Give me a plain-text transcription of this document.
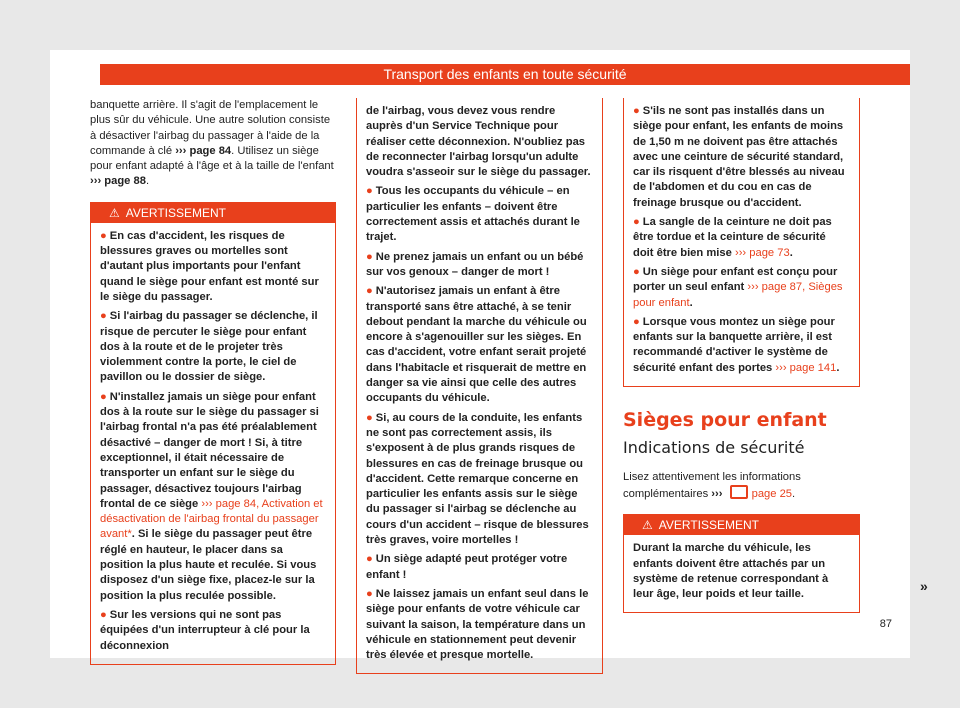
Transport des enfants en toute sécurité

banquette arrière. Il s'agit de l'emplacement le plus sûr du véhicule. Une autre solution consiste à désactiver l'airbag du passager à l'aide de la commande à clé ››› page 84. Utilisez un siège pour enfant adapté à l'âge et à la taille de l'enfant ››› page 88.

⚠ AVERTISSEMENT

● En cas d'accident, les risques de blessures graves ou mortelles sont d'autant plus importants pour l'enfant quand le siège pour enfant est monté sur le siège du passager.

● Si l'airbag du passager se déclenche, il risque de percuter le siège pour enfant dos à la route et de le projeter très violemment contre la porte, le ciel de pavillon ou le dossier de siège.

● N'installez jamais un siège pour enfant dos à la route sur le siège du passager si l'airbag frontal n'a pas été préalablement désactivé – danger de mort ! Si, à titre exceptionnel, il était nécessaire de transporter un enfant sur le siège du passager, désactivez toujours l'airbag frontal de ce siège ››› page 84, Activation et désactivation de l'airbag frontal du passager avant*. Si le siège du passager peut être réglé en hauteur, le placer dans sa position la plus haute et reculée. Si vous disposez d'un siège fixe, placez-le sur la position la plus reculée possible.

● Sur les versions qui ne sont pas équipées d'un interrupteur à clé pour la déconnexion

de l'airbag, vous devez vous rendre auprès d'un Service Technique pour réaliser cette déconnexion. N'oubliez pas de reconnecter l'airbag lorsqu'un adulte voudra s'asseoir sur le siège du passager.

● Tous les occupants du véhicule – en particulier les enfants – doivent être correctement assis et attachés durant le trajet.

● Ne prenez jamais un enfant ou un bébé sur vos genoux – danger de mort !

● N'autorisez jamais un enfant à être transporté sans être attaché, à se tenir debout pendant la marche du véhicule ou encore à s'agenouiller sur les sièges. En cas d'accident, votre enfant serait projeté dans l'habitacle et risquerait de mettre en danger sa vie ainsi que celle des autres occupants du véhicule.

● Si, au cours de la conduite, les enfants ne sont pas correctement assis, ils s'exposent à de plus grands risques de blessures en cas de freinage brusque ou d'accident. Cette remarque concerne en particulier les enfants assis sur le siège du passager si l'airbag se déclenche au cours d'un accident – risque de blessures très graves, voire mortelles !

● Un siège adapté peut protéger votre enfant !

● Ne laissez jamais un enfant seul dans le siège pour enfants de votre véhicule car suivant la saison, la température dans un véhicule en stationnement peut devenir très élevée et presque mortelle.

● S'ils ne sont pas installés dans un siège pour enfant, les enfants de moins de 1,50 m ne doivent pas être attachés avec une ceinture de sécurité standard, car ils risquent d'être blessés au niveau de l'abdomen et du cou en cas de freinage brusque ou d'accident.

● La sangle de la ceinture ne doit pas être tordue et la ceinture de sécurité doit être bien mise ››› page 73.

● Un siège pour enfant est conçu pour porter un seul enfant ››› page 87, Sièges pour enfant.

● Lorsque vous montez un siège pour enfants sur la banquette arrière, il est recommandé d'activer le système de sécurité enfant des portes ››› page 141.

Sièges pour enfant
Indications de sécurité

Lisez attentivement les informations complémentaires ››› page 25.

⚠ AVERTISSEMENT

Durant la marche du véhicule, les enfants doivent être attachés par un système de retenue correspondant à leur âge, leur poids et leur taille.

»
87
